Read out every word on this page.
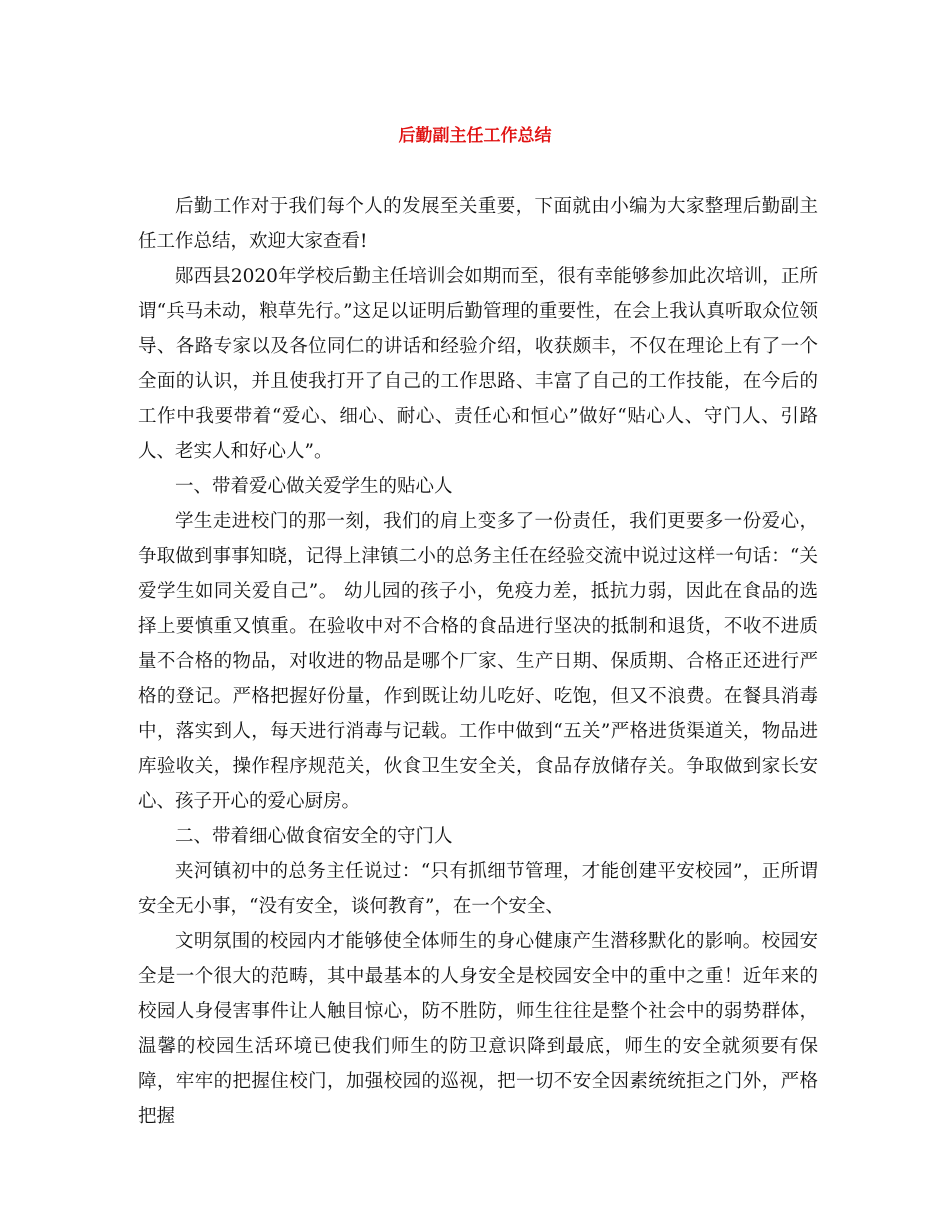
后勤副主任工作总结

后勤工作对于我们每个人的发展至关重要，下面就由小编为大家整理后勤副主任工作总结，欢迎大家查看!

郧西县2020年学校后勤主任培训会如期而至，很有幸能够参加此次培训，正所谓“兵马未动，粮草先行。”这足以证明后勤管理的重要性，在会上我认真听取众位领导、各路专家以及各位同仁的讲话和经验介绍，收获颇丰，不仅在理论上有了一个全面的认识，并且使我打开了自己的工作思路、丰富了自己的工作技能，在今后的工作中我要带着“爱心、细心、耐心、责任心和恒心”做好“贴心人、守门人、引路人、老实人和好心人”。

一、带着爱心做关爱学生的贴心人

学生走进校门的那一刻，我们的肩上变多了一份责任，我们更要多一份爱心，争取做到事事知晓，记得上津镇二小的总务主任在经验交流中说过这样一句话：“关爱学生如同关爱自己”。 幼儿园的孩子小，免疫力差，抵抗力弱，因此在食品的选择上要慎重又慎重。在验收中对不合格的食品进行坚决的抵制和退货，不收不进质量不合格的物品，对收进的物品是哪个厂家、生产日期、保质期、合格正还进行严格的登记。严格把握好份量，作到既让幼儿吃好、吃饱，但又不浪费。在餐具消毒中，落实到人，每天进行消毒与记载。工作中做到“五关”严格进货渠道关，物品进库验收关，操作程序规范关，伙食卫生安全关，食品存放储存关。争取做到家长安心、孩子开心的爱心厨房。

二、带着细心做食宿安全的守门人

夹河镇初中的总务主任说过：“只有抓细节管理，才能创建平安校园”，正所谓安全无小事，“没有安全，谈何教育”，在一个安全、

文明氛围的校园内才能够使全体师生的身心健康产生潜移默化的影响。校园安全是一个很大的范畴，其中最基本的人身安全是校园安全中的重中之重！近年来的校园人身侵害事件让人触目惊心，防不胜防，师生往往是整个社会中的弱势群体，温馨的校园生活环境已使我们师生的防卫意识降到最底，师生的安全就须要有保障，牢牢的把握住校门，加强校园的巡视，把一切不安全因素统统拒之门外，严格把握
